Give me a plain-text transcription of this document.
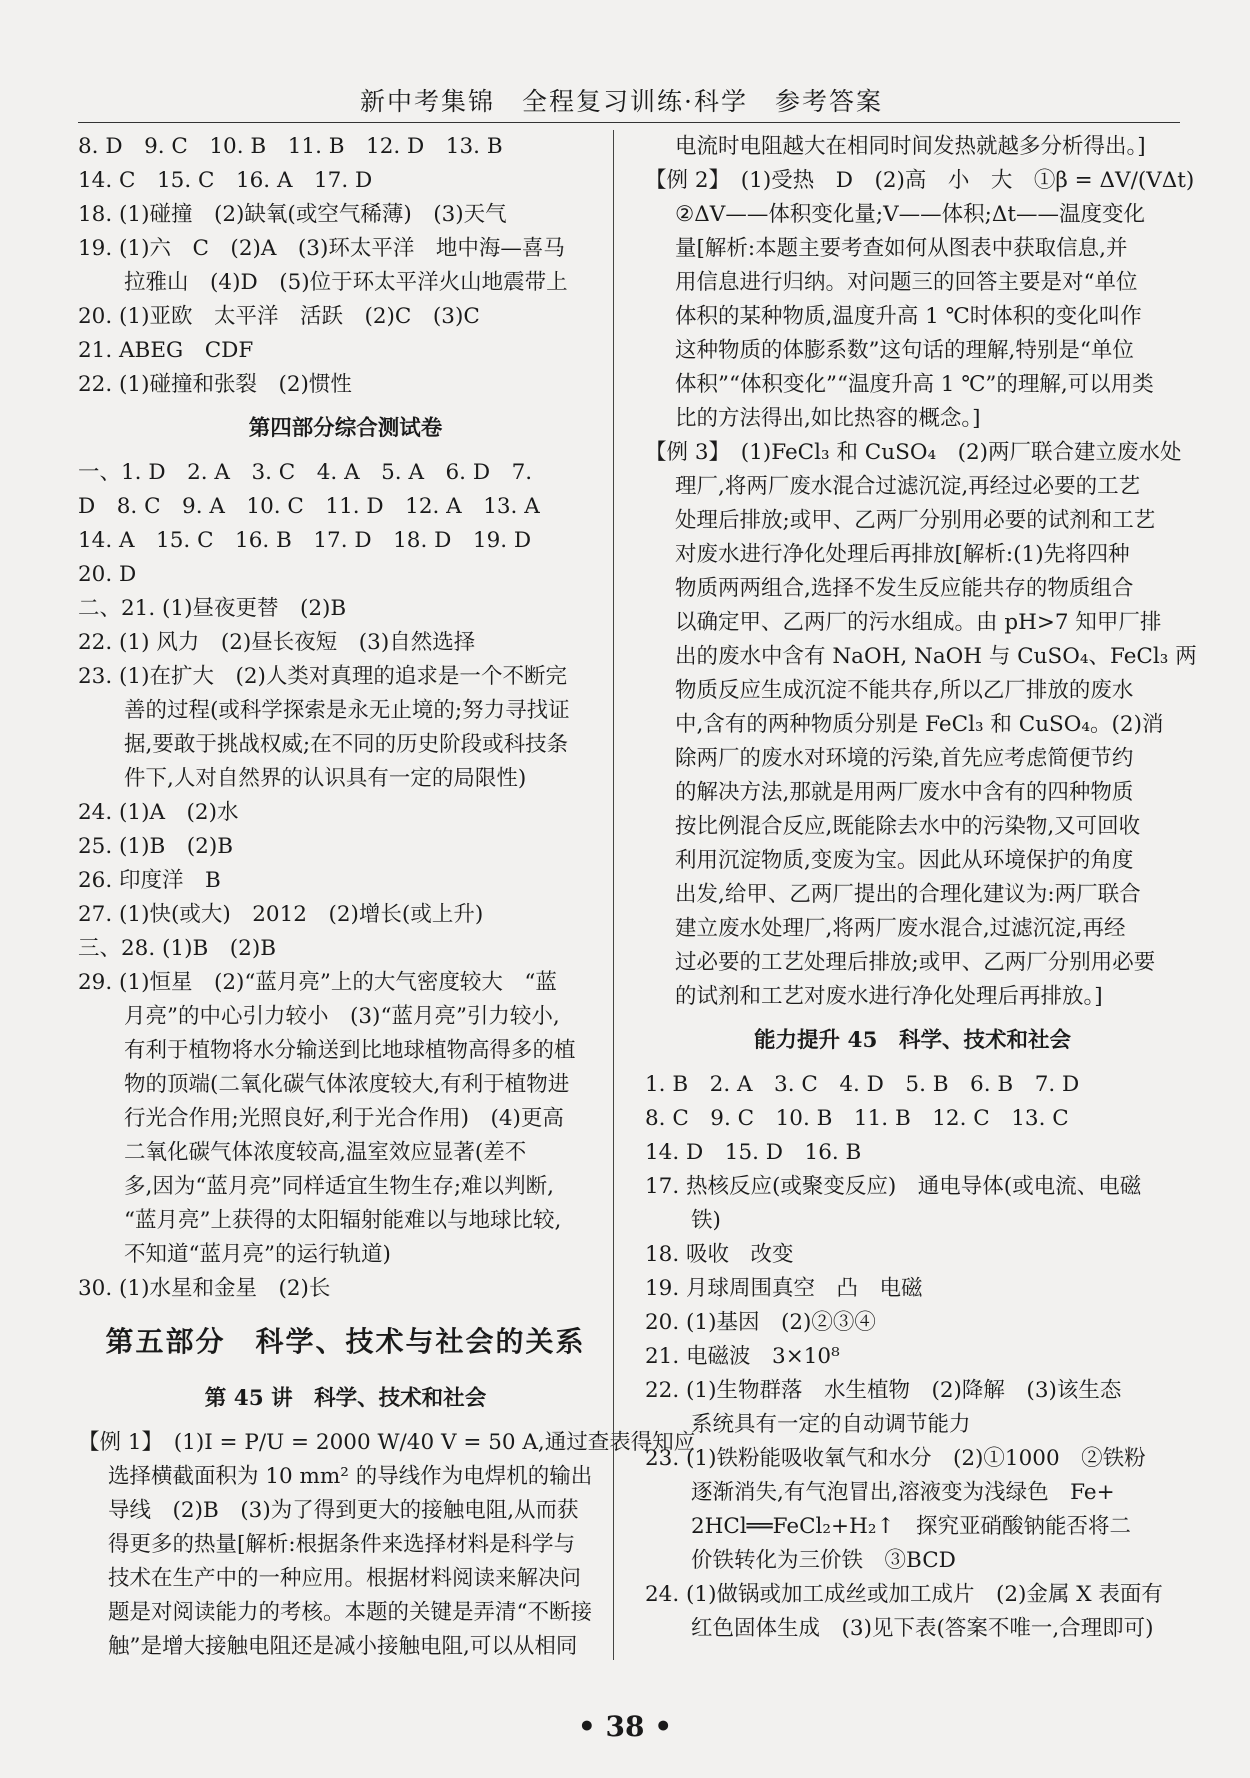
新中考集锦　全程复习训练·科学　参考答案
8. D　9. C　10. B　11. B　12. D　13. B
14. C　15. C　16. A　17. D
18. (1)碰撞　(2)缺氧(或空气稀薄)　(3)天气
19. (1)六　C　(2)A　(3)环太平洋　地中海—喜马
拉雅山　(4)D　(5)位于环太平洋火山地震带上
20. (1)亚欧　太平洋　活跃　(2)C　(3)C
21. ABEG　CDF
22. (1)碰撞和张裂　(2)惯性
第四部分综合测试卷
一、1. D　2. A　3. C　4. A　5. A　6. D　7.
D　8. C　9. A　10. C　11. D　12. A　13. A
14. A　15. C　16. B　17. D　18. D　19. D
20. D
二、21. (1)昼夜更替　(2)B
22. (1) 风力　(2)昼长夜短　(3)自然选择
23. (1)在扩大　(2)人类对真理的追求是一个不断完
善的过程(或科学探索是永无止境的;努力寻找证
据,要敢于挑战权威;在不同的历史阶段或科技条
件下,人对自然界的认识具有一定的局限性)
24. (1)A　(2)水
25. (1)B　(2)B
26. 印度洋　B
27. (1)快(或大)　2012　(2)增长(或上升)
三、28. (1)B　(2)B
29. (1)恒星　(2)“蓝月亮”上的大气密度较大　“蓝
月亮”的中心引力较小　(3)“蓝月亮”引力较小,
有利于植物将水分输送到比地球植物高得多的植
物的顶端(二氧化碳气体浓度较大,有利于植物进
行光合作用;光照良好,利于光合作用)　(4)更高
二氧化碳气体浓度较高,温室效应显著(差不
多,因为“蓝月亮”同样适宜生物生存;难以判断,
“蓝月亮”上获得的太阳辐射能难以与地球比较,
不知道“蓝月亮”的运行轨道)
30. (1)水星和金星　(2)长
第五部分　科学、技术与社会的关系
第 45 讲　科学、技术和社会
【例 1】　(1)I = P/U = 2000 W/40 V = 50 A,通过查表得知应
选择横截面积为 10 mm² 的导线作为电焊机的输出
导线　(2)B　(3)为了得到更大的接触电阻,从而获
得更多的热量[解析:根据条件来选择材料是科学与
技术在生产中的一种应用。根据材料阅读来解决问
题是对阅读能力的考核。本题的关键是弄清“不断接
触”是增大接触电阻还是减小接触电阻,可以从相同
电流时电阻越大在相同时间发热就越多分析得出。]
【例 2】　(1)受热　D　(2)高　小　大　①β = ΔV/(VΔt)
②ΔV——体积变化量;V——体积;Δt——温度变化
量[解析:本题主要考查如何从图表中获取信息,并
用信息进行归纳。对问题三的回答主要是对“单位
体积的某种物质,温度升高 1 ℃时体积的变化叫作
这种物质的体膨系数”这句话的理解,特别是“单位
体积”“体积变化”“温度升高 1 ℃”的理解,可以用类
比的方法得出,如比热容的概念。]
【例 3】　(1)FeCl₃ 和 CuSO₄　(2)两厂联合建立废水处
理厂,将两厂废水混合过滤沉淀,再经过必要的工艺
处理后排放;或甲、乙两厂分别用必要的试剂和工艺
对废水进行净化处理后再排放[解析:(1)先将四种
物质两两组合,选择不发生反应能共存的物质组合
以确定甲、乙两厂的污水组成。由 pH>7 知甲厂排
出的废水中含有 NaOH, NaOH 与 CuSO₄、FeCl₃ 两
物质反应生成沉淀不能共存,所以乙厂排放的废水
中,含有的两种物质分别是 FeCl₃ 和 CuSO₄。(2)消
除两厂的废水对环境的污染,首先应考虑简便节约
的解决方法,那就是用两厂废水中含有的四种物质
按比例混合反应,既能除去水中的污染物,又可回收
利用沉淀物质,变废为宝。因此从环境保护的角度
出发,给甲、乙两厂提出的合理化建议为:两厂联合
建立废水处理厂,将两厂废水混合,过滤沉淀,再经
过必要的工艺处理后排放;或甲、乙两厂分别用必要
的试剂和工艺对废水进行净化处理后再排放。]
能力提升 45　科学、技术和社会
1. B　2. A　3. C　4. D　5. B　6. B　7. D
8. C　9. C　10. B　11. B　12. C　13. C
14. D　15. D　16. B
17. 热核反应(或聚变反应)　通电导体(或电流、电磁
铁)
18. 吸收　改变
19. 月球周围真空　凸　电磁
20. (1)基因　(2)②③④
21. 电磁波　3×10⁸
22. (1)生物群落　水生植物　(2)降解　(3)该生态
系统具有一定的自动调节能力
23. (1)铁粉能吸收氧气和水分　(2)①1000　②铁粉
逐渐消失,有气泡冒出,溶液变为浅绿色　Fe+
2HCl══FeCl₂+H₂↑　探究亚硝酸钠能否将二
价铁转化为三价铁　③BCD
24. (1)做锅或加工成丝或加工成片　(2)金属 X 表面有
红色固体生成　(3)见下表(答案不唯一,合理即可)
• 38 •
